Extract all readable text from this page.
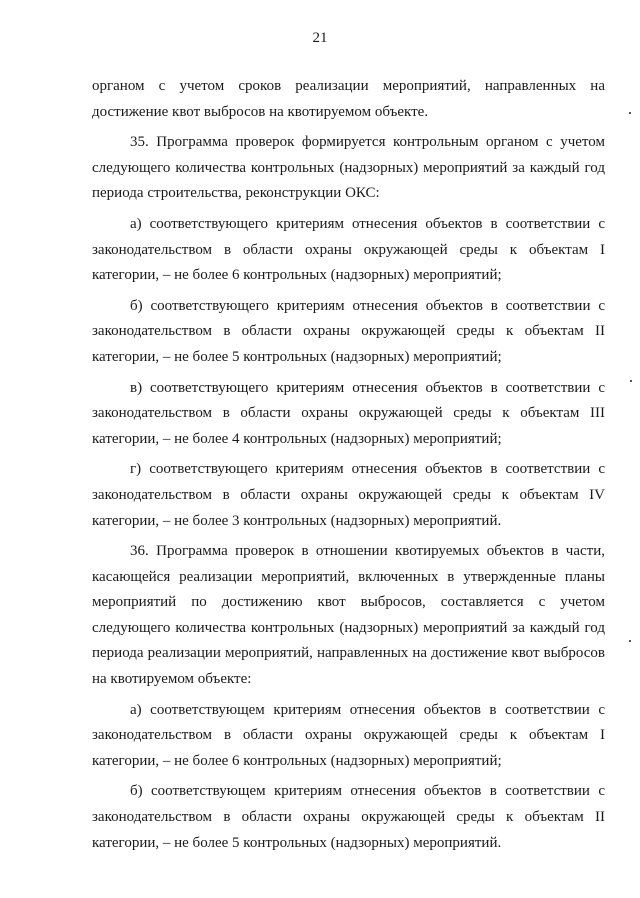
21

органом с учетом сроков реализации мероприятий, направленных на достижение квот выбросов на квотируемом объекте.

35. Программа проверок формируется контрольным органом с учетом следующего количества контрольных (надзорных) мероприятий за каждый год периода строительства, реконструкции ОКС:

а) соответствующего критериям отнесения объектов в соответствии с законодательством в области охраны окружающей среды к объектам I категории, – не более 6 контрольных (надзорных) мероприятий;

б) соответствующего критериям отнесения объектов в соответствии с законодательством в области охраны окружающей среды к объектам II категории, – не более 5 контрольных (надзорных) мероприятий;

в) соответствующего критериям отнесения объектов в соответствии с законодательством в области охраны окружающей среды к объектам III категории, – не более 4 контрольных (надзорных) мероприятий;

г) соответствующего критериям отнесения объектов в соответствии с законодательством в области охраны окружающей среды к объектам IV категории, – не более 3 контрольных (надзорных) мероприятий.

36. Программа проверок в отношении квотируемых объектов в части, касающейся реализации мероприятий, включенных в утвержденные планы мероприятий по достижению квот выбросов, составляется с учетом следующего количества контрольных (надзорных) мероприятий за каждый год периода реализации мероприятий, направленных на достижение квот выбросов на квотируемом объекте:

а) соответствующем критериям отнесения объектов в соответствии с законодательством в области охраны окружающей среды к объектам I категории, – не более 6 контрольных (надзорных) мероприятий;

б) соответствующем критериям отнесения объектов в соответствии с законодательством в области охраны окружающей среды к объектам II категории, – не более 5 контрольных (надзорных) мероприятий.
